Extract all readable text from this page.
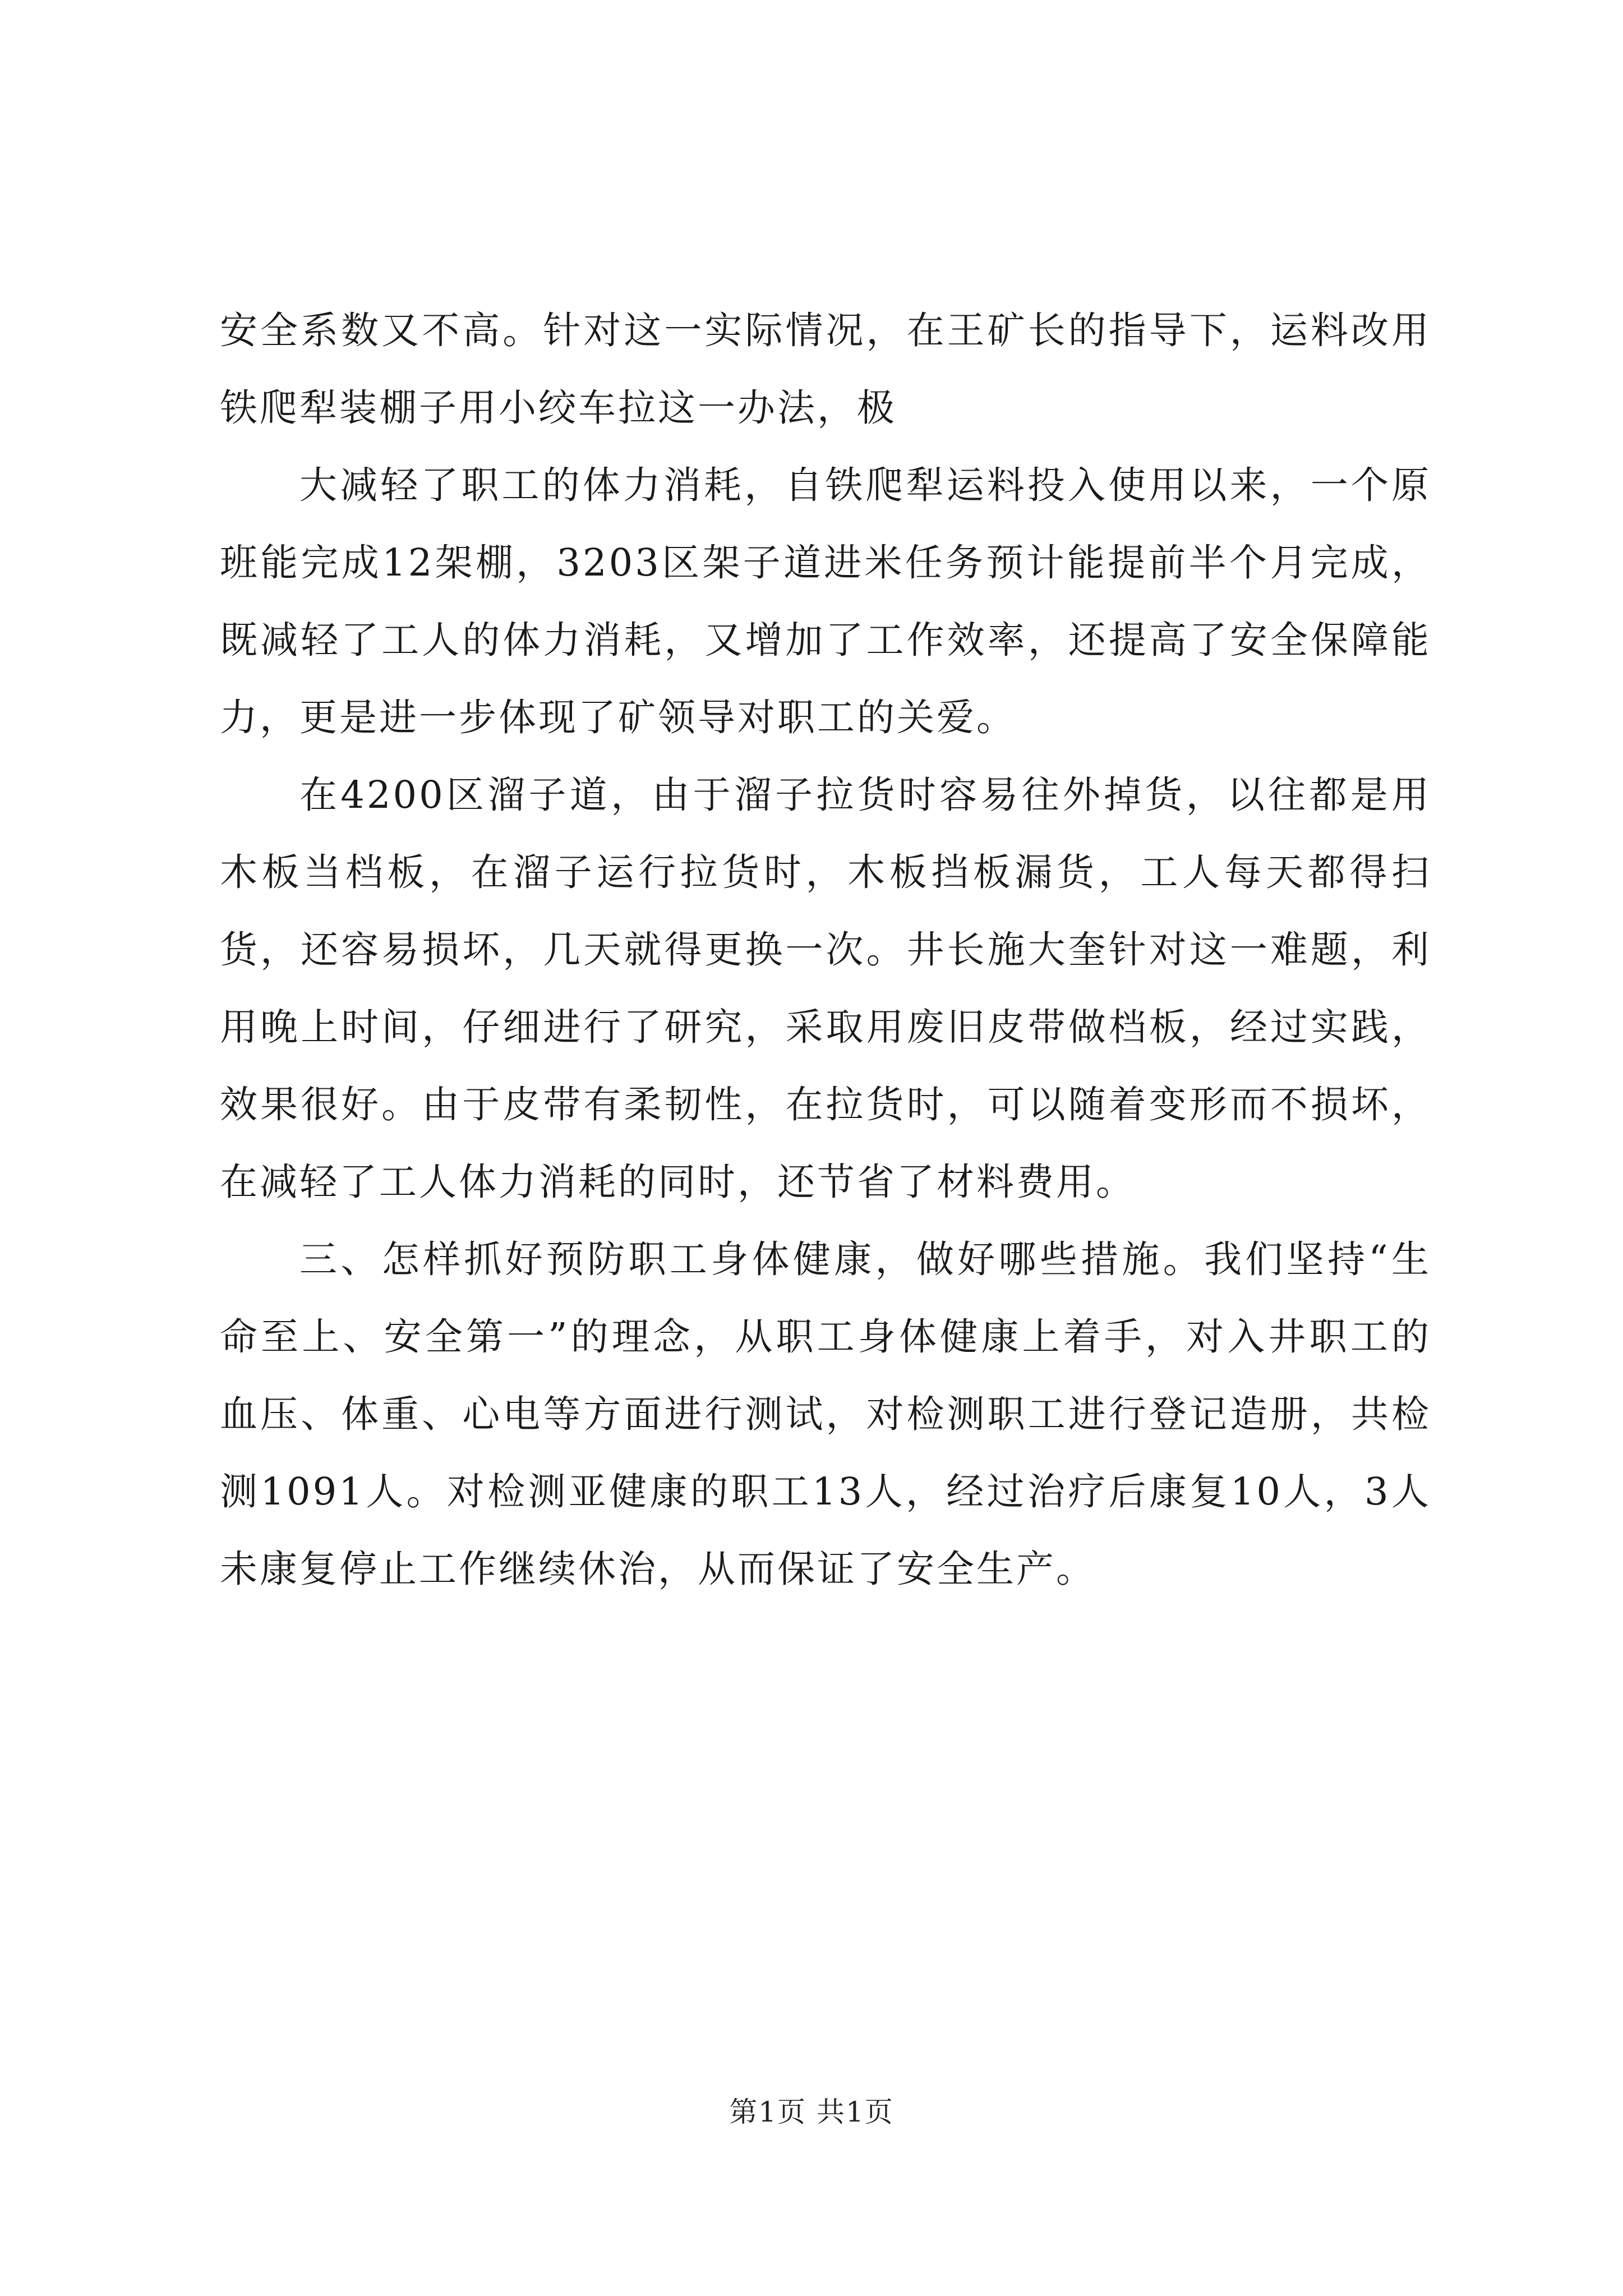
安全系数又不高。针对这一实际情况，在王矿长的指导下，运料改用铁爬犁装棚子用小绞车拉这一办法，极

大减轻了职工的体力消耗，自铁爬犁运料投入使用以来，一个原班能完成12架棚，3203区架子道进米任务预计能提前半个月完成，既减轻了工人的体力消耗，又增加了工作效率，还提高了安全保障能力，更是进一步体现了矿领导对职工的关爱。

在4200区溜子道，由于溜子拉货时容易往外掉货，以往都是用木板当档板，在溜子运行拉货时，木板挡板漏货，工人每天都得扫货，还容易损坏，几天就得更换一次。井长施大奎针对这一难题，利用晚上时间，仔细进行了研究，采取用废旧皮带做档板，经过实践，效果很好。由于皮带有柔韧性，在拉货时，可以随着变形而不损坏，在减轻了工人体力消耗的同时，还节省了材料费用。

三、怎样抓好预防职工身体健康，做好哪些措施。我们坚持“生命至上、安全第一”的理念，从职工身体健康上着手，对入井职工的血压、体重、心电等方面进行测试，对检测职工进行登记造册，共检测1091人。对检测亚健康的职工13人，经过治疗后康复10人，3人未康复停止工作继续休治，从而保证了安全生产。

第1页 共1页
